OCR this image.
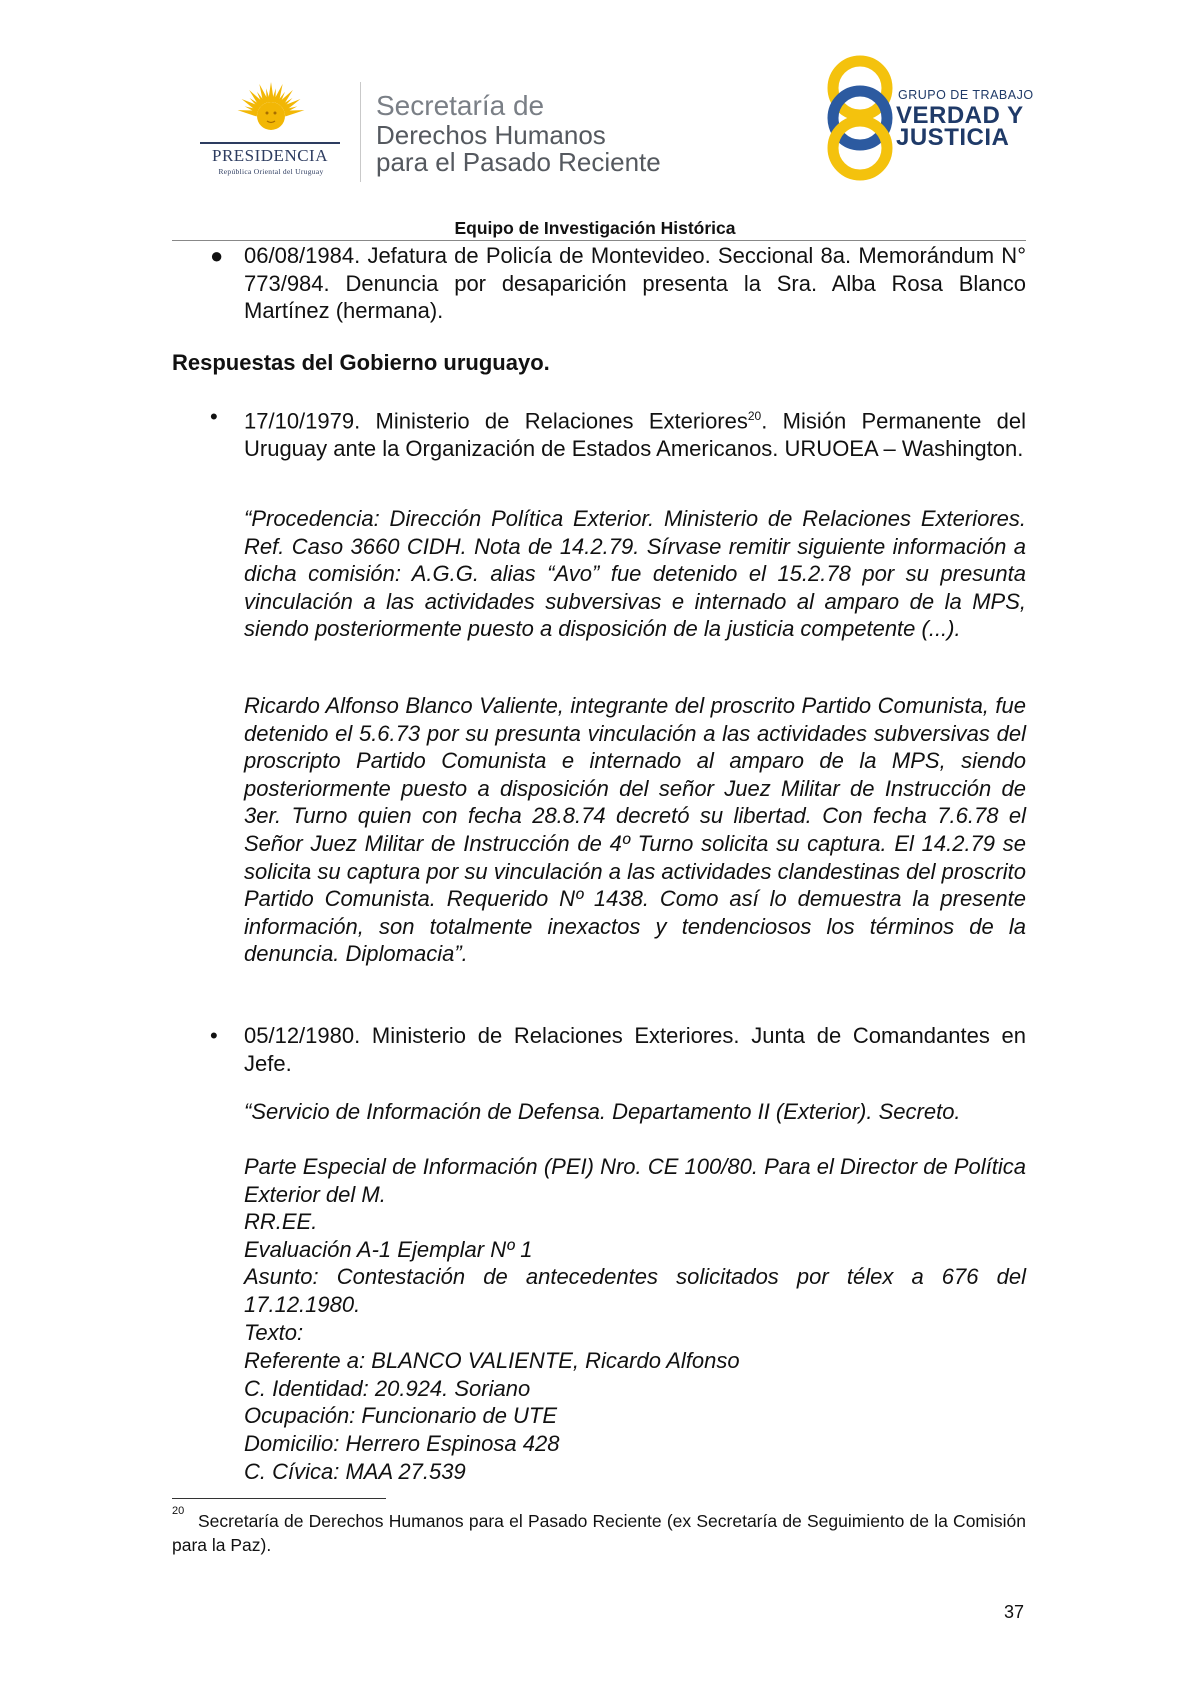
PRESIDENCIA
República Oriental del Uruguay
Secretaría de
Derechos Humanos
para el Pasado Reciente
GRUPO DE TRABAJO
VERDAD Y
JUSTICIA
Equipo de Investigación Histórica
● 06/08/1984. Jefatura de Policía de Montevideo. Seccional 8a. Memorándum N° 773/984. Denuncia por desaparición presenta la Sra. Alba Rosa Blanco Martínez (hermana).

Respuestas del Gobierno uruguayo.
• 17/10/1979. Ministerio de Relaciones Exteriores$^{20}$. Misión Permanente del Uruguay ante la Organización de Estados Americanos. URUOEA – Washington.

“Procedencia: Dirección Política Exterior. Ministerio de Relaciones Exteriores. Ref. Caso 3660 CIDH. Nota de 14.2.79. Sírvase remitir siguiente información a dicha comisión: A.G.G. alias “Avo” fue detenido el 15.2.78 por su presunta vinculación a las actividades subversivas e internado al amparo de la MPS, siendo posteriormente puesto a disposición de la justicia competente (...).

Ricardo Alfonso Blanco Valiente, integrante del proscrito Partido Comunista, fue detenido el 5.6.73 por su presunta vinculación a las actividades subversivas del proscripto Partido Comunista e internado al amparo de la MPS, siendo posteriormente puesto a disposición del señor Juez Militar de Instrucción de 3er. Turno quien con fecha 28.8.74 decretó su libertad. Con fecha 7.6.78 el Señor Juez Militar de Instrucción de 4º Turno solicita su captura. El 14.2.79 se solicita su captura por su vinculación a las actividades clandestinas del proscrito Partido Comunista. Requerido Nº 1438. Como así lo demuestra la presente información, son totalmente inexactos y tendenciosos los términos de la denuncia. Diplomacia”.

• 05/12/1980. Ministerio de Relaciones Exteriores. Junta de Comandantes en Jefe.

“Servicio de Información de Defensa. Departamento II (Exterior). Secreto.

Parte Especial de Información (PEI) Nro. CE 100/80. Para el Director de Política Exterior del M.

RR.EE.

Evaluación A-1 Ejemplar Nº 1

Asunto: Contestación de antecedentes solicitados por télex a 676 del 17.12.1980.

Texto:

Referente a: BLANCO VALIENTE, Ricardo Alfonso

C. Identidad: 20.924. Soriano

Ocupación: Funcionario de UTE

Domicilio: Herrero Espinosa 428

C. Cívica: MAA 27.539

20 Secretaría de Derechos Humanos para el Pasado Reciente (ex Secretaría de Seguimiento de la Comisión para la Paz).

37
